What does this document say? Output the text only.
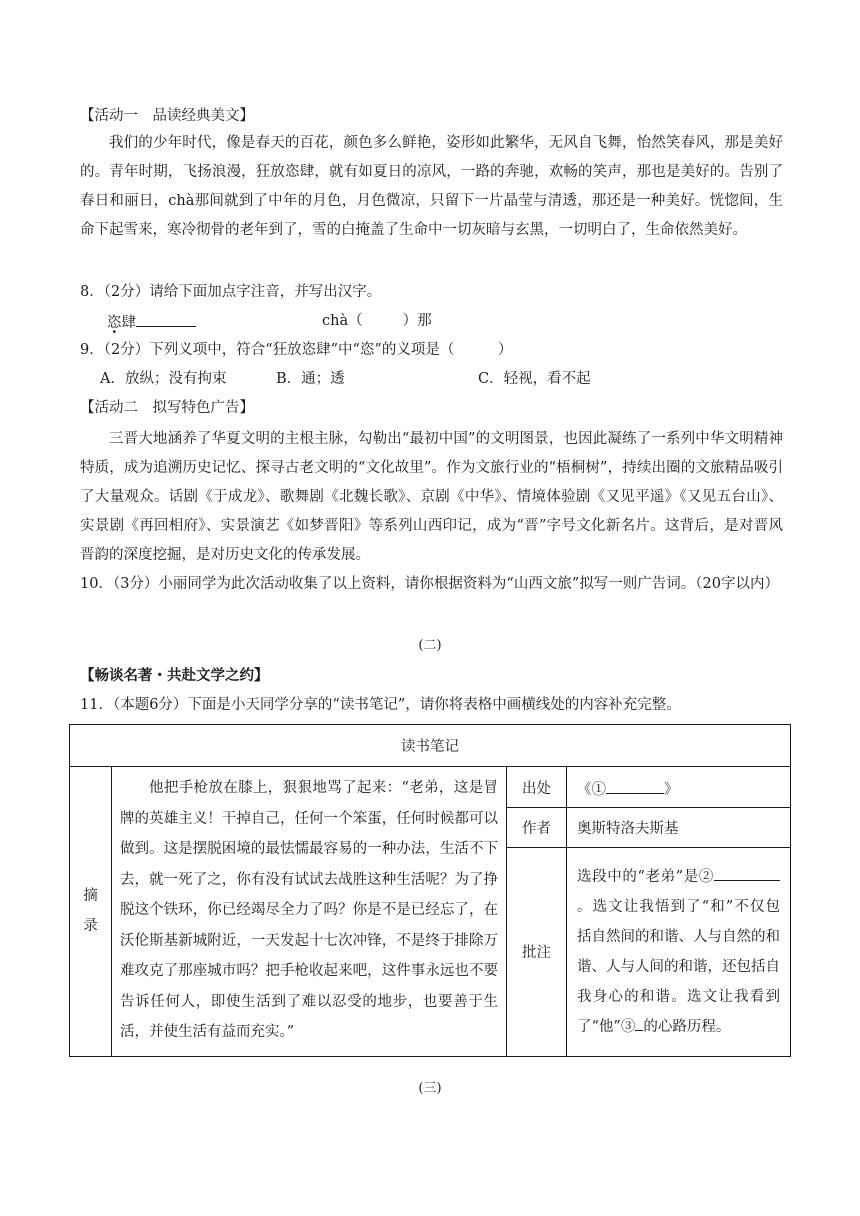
【活动一　品读经典美文】

我们的少年时代，像是春天的百花，颜色多么鲜艳，姿形如此繁华，无风自飞舞，怡然笑春风，那是美好的。青年时期，飞扬浪漫，狂放恣肆，就有如夏日的凉风，一路的奔驰，欢畅的笑声，那也是美好的。告别了春日和丽日，chà那间就到了中年的月色，月色微凉，只留下一片晶莹与清透，那还是一种美好。恍惚间，生命下起雪来，寒冷彻骨的老年到了，雪的白掩盖了生命中一切灰暗与玄黑，一切明白了，生命依然美好。

8．（2分）请给下面加点字注音，并写出汉字。
恣肆	chà（	）那
9．（2分）下列义项中，符合“狂放恣肆”中“恣”的义项是（　　　）
A．放纵；没有拘束	B．通；透	C．轻视，看不起
【活动二　拟写特色广告】

三晋大地涵养了华夏文明的主根主脉，勾勒出“最初中国”的文明图景，也因此凝练了一系列中华文明精神特质，成为追溯历史记忆、探寻古老文明的“文化故里”。作为文旅行业的“梧桐树”，持续出圈的文旅精品吸引了大量观众。话剧《于成龙》、歌舞剧《北魏长歌》、京剧《中华》、情境体验剧《又见平遥》《又见五台山》、实景剧《再回相府》、实景演艺《如梦晋阳》等系列山西印记，成为“晋”字号文化新名片。这背后，是对晋风晋韵的深度挖掘，是对历史文化的传承发展。

10．（3分）小丽同学为此次活动收集了以上资料，请你根据资料为“山西文旅”拟写一则广告词。（20字以内）

(二)
【畅谈名著・共赴文学之约】
11．（本题6分）下面是小天同学分享的“读书笔记”，请你将表格中画横线处的内容补充完整。
读书笔记			

摘
录	他把手枪放在膝上，狠狠地骂了起来：“老弟，这是冒牌的英雄主义！干掉自己，任何一个笨蛋，任何时候都可以做到。这是摆脱困境的最怯懦最容易的一种办法，生活不下去，就一死了之，你有没有试试去战胜这种生活呢？为了挣脱这个铁环，你已经竭尽全力了吗？你是不是已经忘了，在沃伦斯基新城附近，一天发起十七次冲锋，不是终于排除万难攻克了那座城市吗？把手枪收起来吧，这件事永远也不要告诉任何人，即使生活到了难以忍受的地步，也要善于生活，并使生活有益而充实。”	出处	《① 》
		作者	奥斯特洛夫斯基
		批注	选段中的“老弟”是②。选文让我悟到了“和”不仅包括自然间的和谐、人与自然的和谐、人与人间的和谐，还包括自我身心的和谐。选文让我看到了“他”③ 的心路历程。
(三)
